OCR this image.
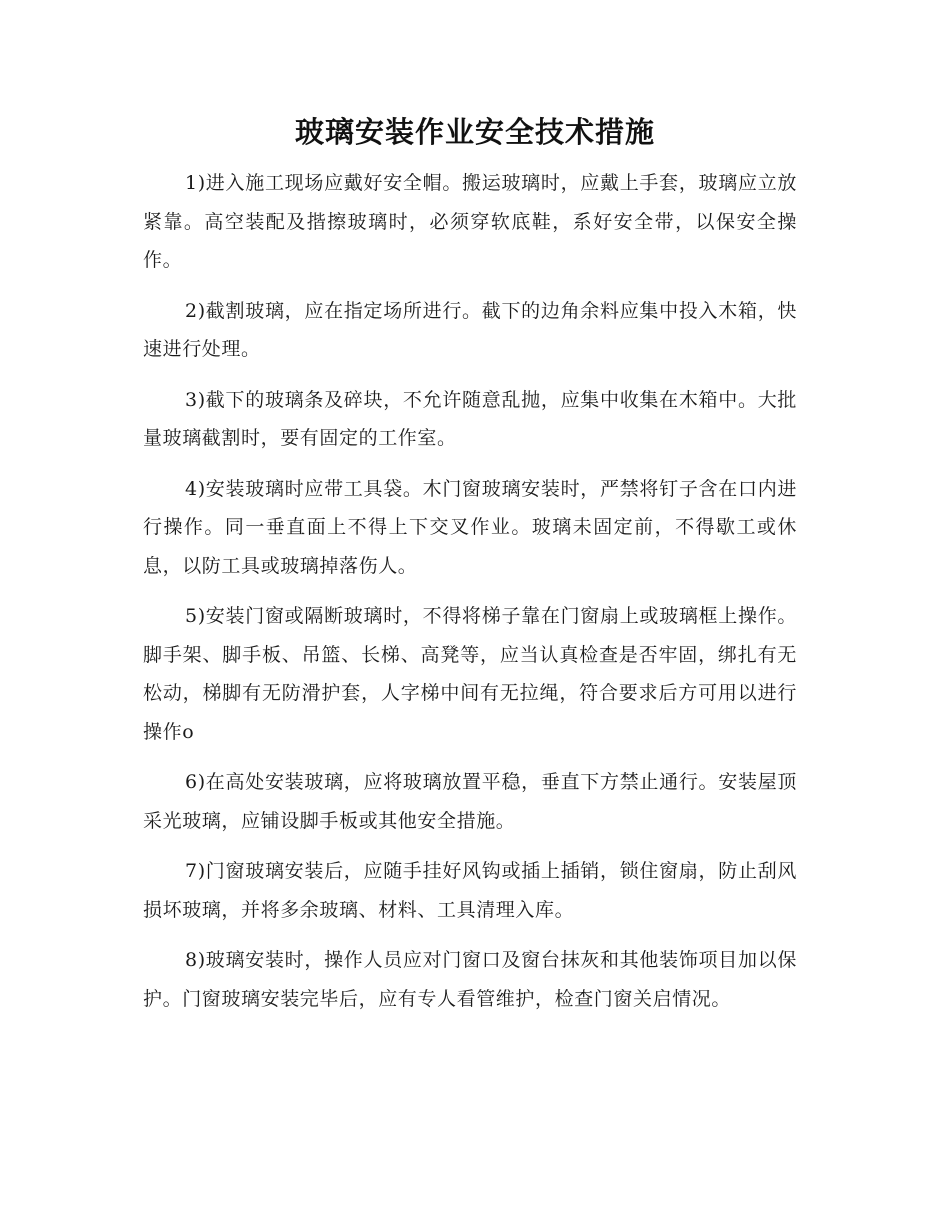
玻璃安装作业安全技术措施

1)进入施工现场应戴好安全帽。搬运玻璃时，应戴上手套，玻璃应立放紧靠。高空装配及揩擦玻璃时，必须穿软底鞋，系好安全带，以保安全操作。

2)截割玻璃，应在指定场所进行。截下的边角余料应集中投入木箱，快速进行处理。

3)截下的玻璃条及碎块，不允许随意乱抛，应集中收集在木箱中。大批量玻璃截割时，要有固定的工作室。

4)安装玻璃时应带工具袋。木门窗玻璃安装时，严禁将钉子含在口内进行操作。同一垂直面上不得上下交叉作业。玻璃未固定前，不得歇工或休息，以防工具或玻璃掉落伤人。

5)安装门窗或隔断玻璃时，不得将梯子靠在门窗扇上或玻璃框上操作。脚手架、脚手板、吊篮、长梯、高凳等，应当认真检查是否牢固，绑扎有无松动，梯脚有无防滑护套，人字梯中间有无拉绳，符合要求后方可用以进行操作o

6)在高处安装玻璃，应将玻璃放置平稳，垂直下方禁止通行。安装屋顶采光玻璃，应铺设脚手板或其他安全措施。

7)门窗玻璃安装后，应随手挂好风钩或插上插销，锁住窗扇，防止刮风损坏玻璃，并将多余玻璃、材料、工具清理入库。

8)玻璃安装时，操作人员应对门窗口及窗台抹灰和其他装饰项目加以保护。门窗玻璃安装完毕后，应有专人看管维护，检查门窗关启情况。
